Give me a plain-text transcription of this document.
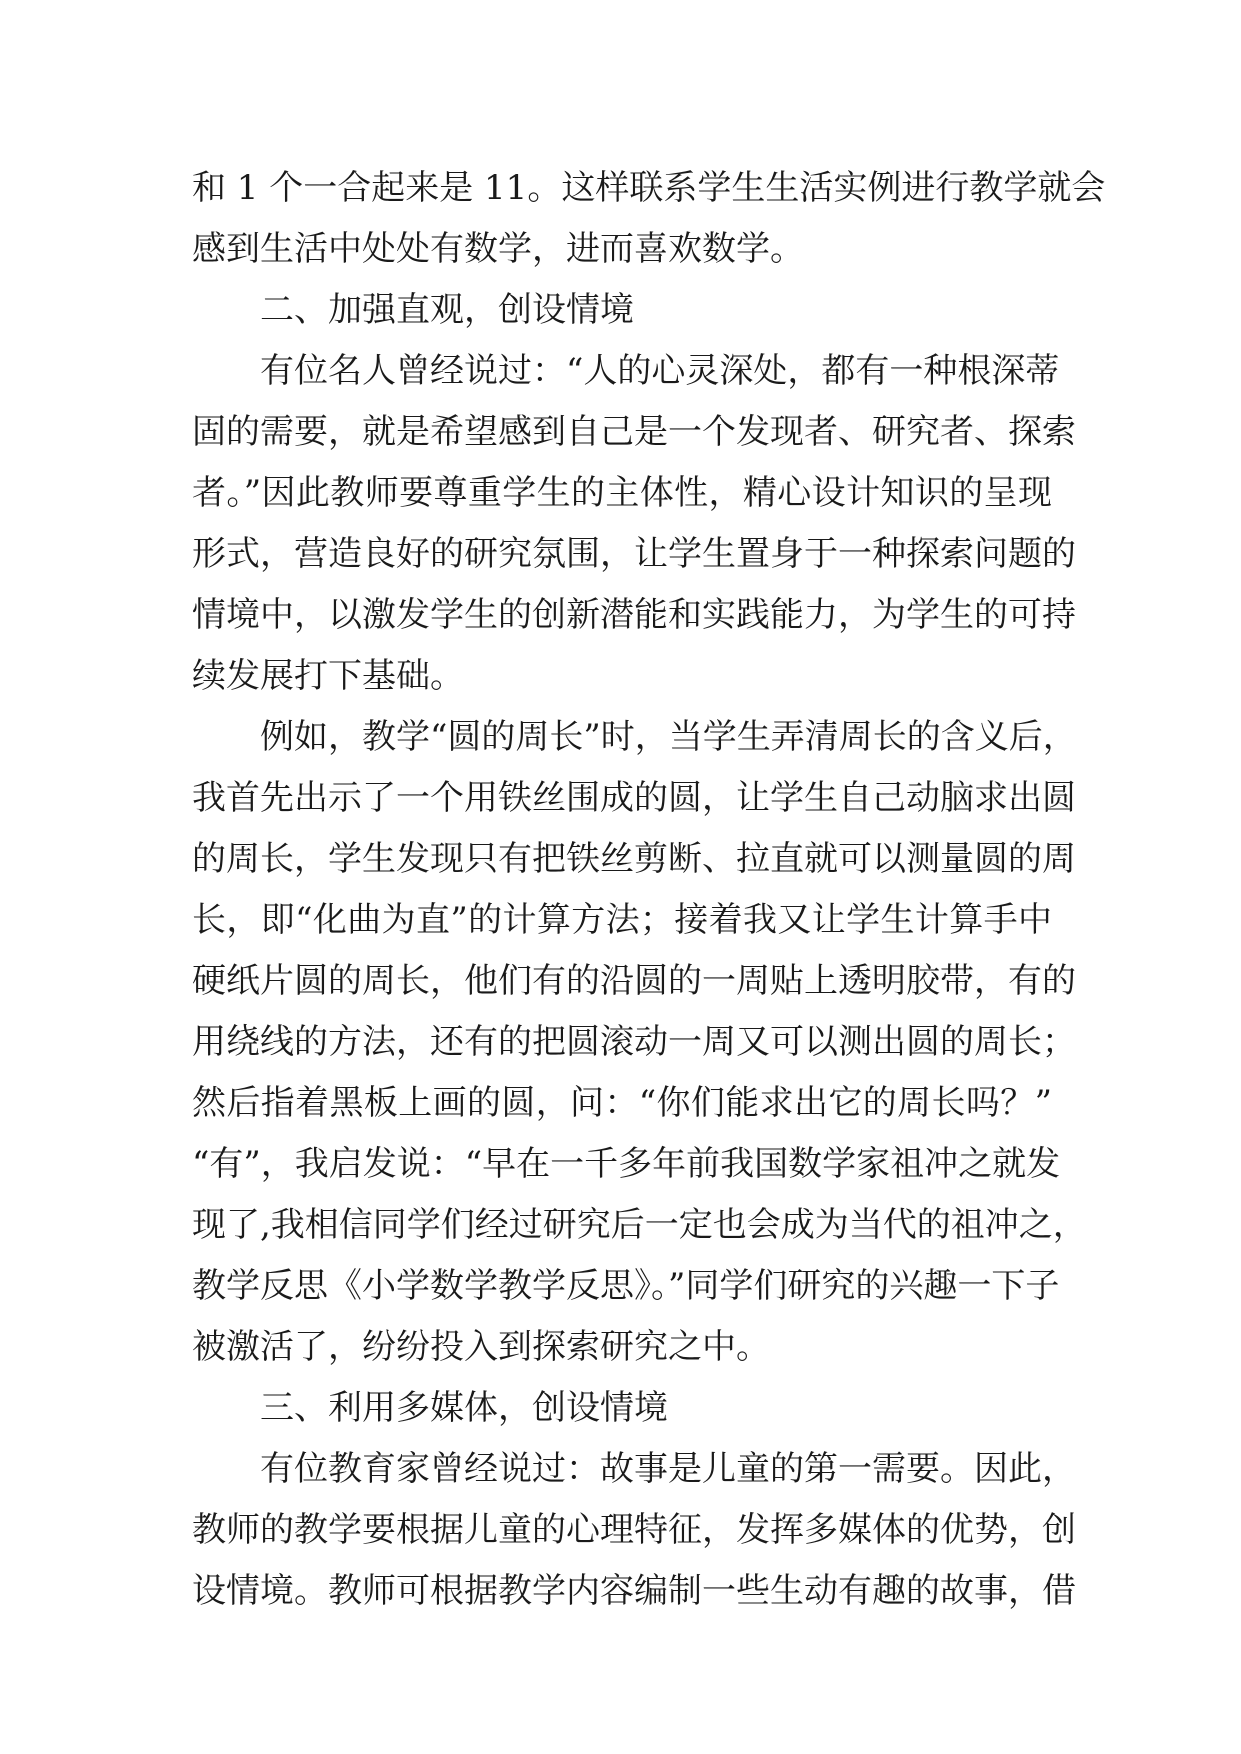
和 1 个一合起来是 11。这样联系学生生活实例进行教学就会
感到生活中处处有数学，进而喜欢数学。
二、加强直观，创设情境
有位名人曾经说过：“人的心灵深处，都有一种根深蒂
固的需要，就是希望感到自己是一个发现者、研究者、探索
者。”因此教师要尊重学生的主体性，精心设计知识的呈现
形式，营造良好的研究氛围，让学生置身于一种探索问题的
情境中，以激发学生的创新潜能和实践能力，为学生的可持
续发展打下基础。
例如，教学“圆的周长”时，当学生弄清周长的含义后，
我首先出示了一个用铁丝围成的圆，让学生自己动脑求出圆
的周长，学生发现只有把铁丝剪断、拉直就可以测量圆的周
长，即“化曲为直”的计算方法；接着我又让学生计算手中
硬纸片圆的周长，他们有的沿圆的一周贴上透明胶带，有的
用绕线的方法，还有的把圆滚动一周又可以测出圆的周长；
然后指着黑板上画的圆，问：“你们能求出它的周长吗？”
“有”，我启发说：“早在一千多年前我国数学家祖冲之就发
现了,我相信同学们经过研究后一定也会成为当代的祖冲之，
教学反思《小学数学教学反思》。”同学们研究的兴趣一下子
被激活了，纷纷投入到探索研究之中。
三、利用多媒体，创设情境
有位教育家曾经说过：故事是儿童的第一需要。因此，
教师的教学要根据儿童的心理特征，发挥多媒体的优势，创
设情境。教师可根据教学内容编制一些生动有趣的故事，借
